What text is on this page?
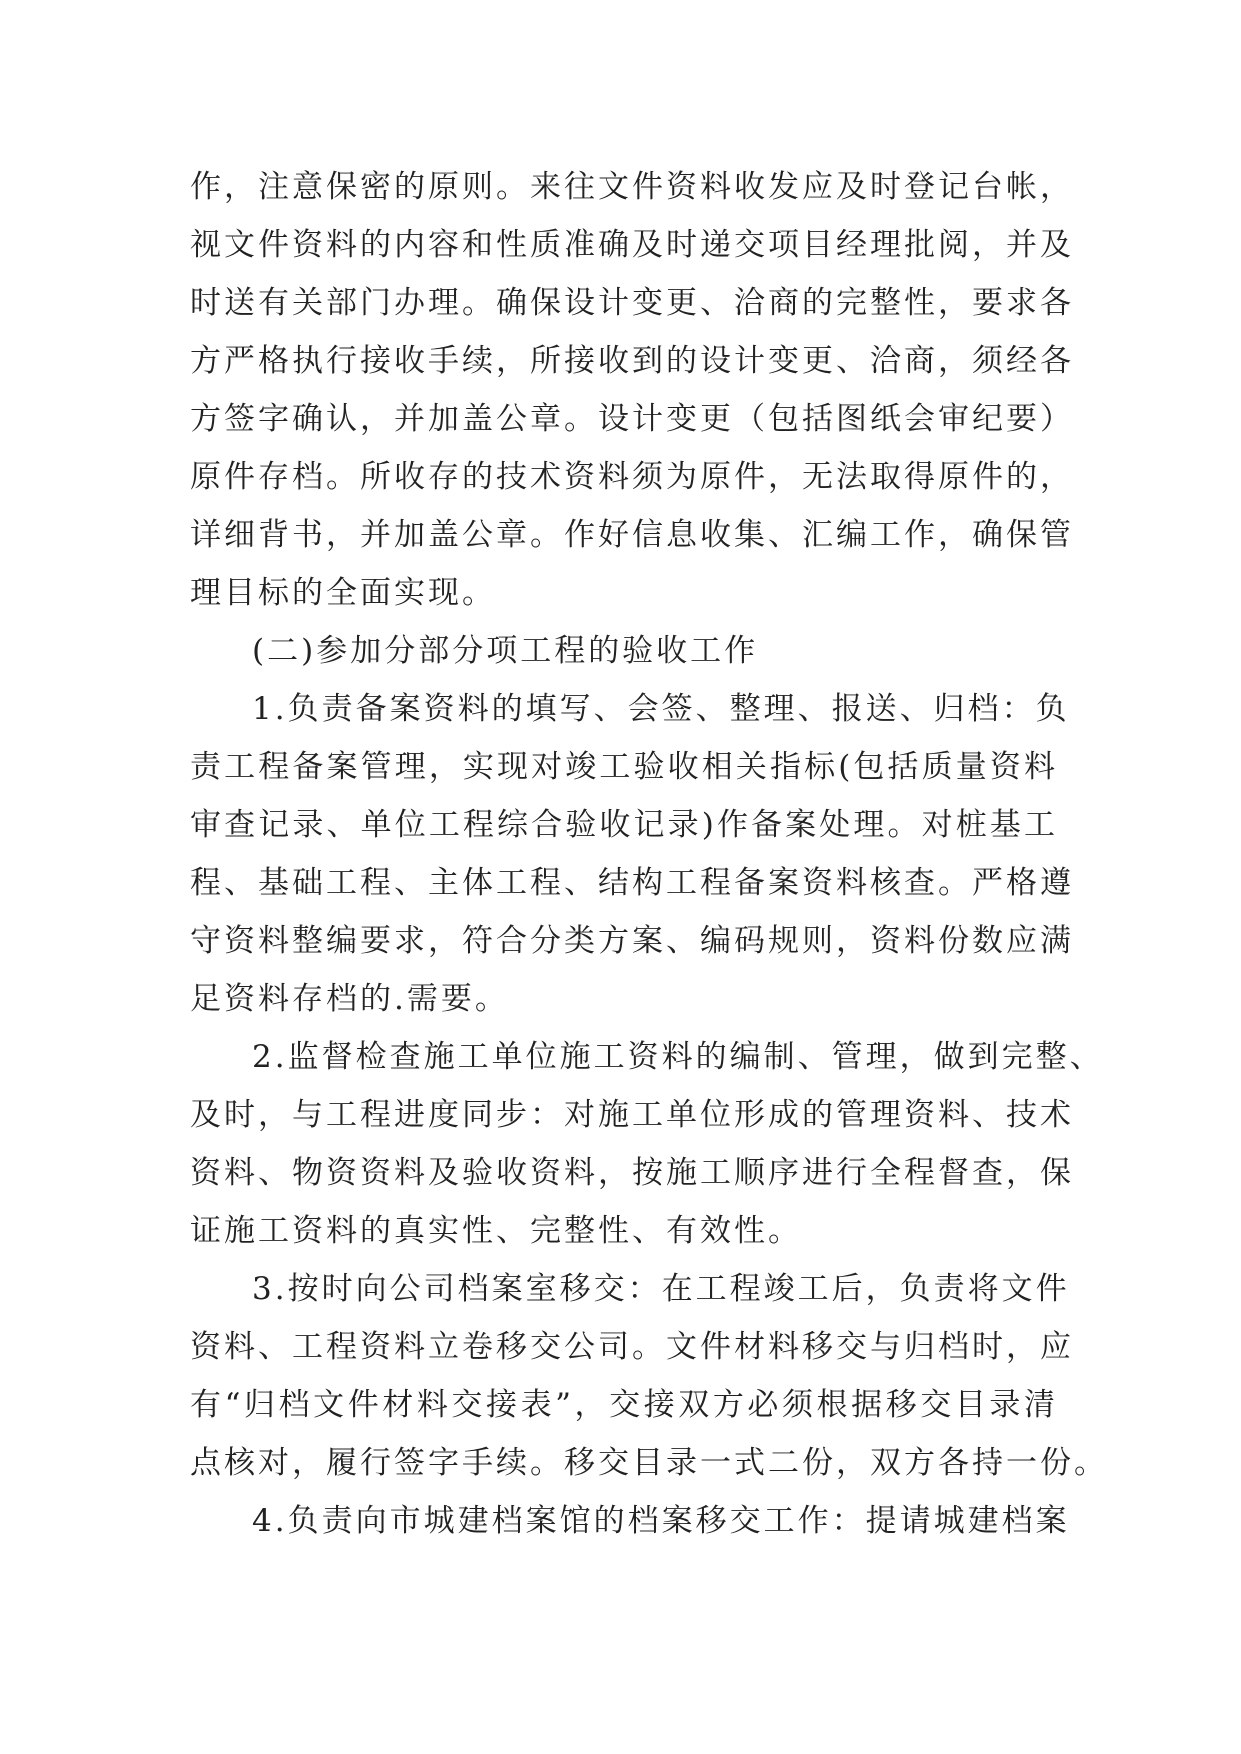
作，注意保密的原则。来往文件资料收发应及时登记台帐，
视文件资料的内容和性质准确及时递交项目经理批阅，并及
时送有关部门办理。确保设计变更、洽商的完整性，要求各
方严格执行接收手续，所接收到的设计变更、洽商，须经各
方签字确认，并加盖公章。设计变更（包括图纸会审纪要）
原件存档。所收存的技术资料须为原件，无法取得原件的，
详细背书，并加盖公章。作好信息收集、汇编工作，确保管
理目标的全面实现。
(二)参加分部分项工程的验收工作
1.负责备案资料的填写、会签、整理、报送、归档：负
责工程备案管理，实现对竣工验收相关指标(包括质量资料
审查记录、单位工程综合验收记录)作备案处理。对桩基工
程、基础工程、主体工程、结构工程备案资料核查。严格遵
守资料整编要求，符合分类方案、编码规则，资料份数应满
足资料存档的.需要。
2.监督检查施工单位施工资料的编制、管理，做到完整、
及时，与工程进度同步：对施工单位形成的管理资料、技术
资料、物资资料及验收资料，按施工顺序进行全程督查，保
证施工资料的真实性、完整性、有效性。
3.按时向公司档案室移交：在工程竣工后，负责将文件
资料、工程资料立卷移交公司。文件材料移交与归档时，应
有“归档文件材料交接表”，交接双方必须根据移交目录清
点核对，履行签字手续。移交目录一式二份，双方各持一份。
4.负责向市城建档案馆的档案移交工作：提请城建档案
